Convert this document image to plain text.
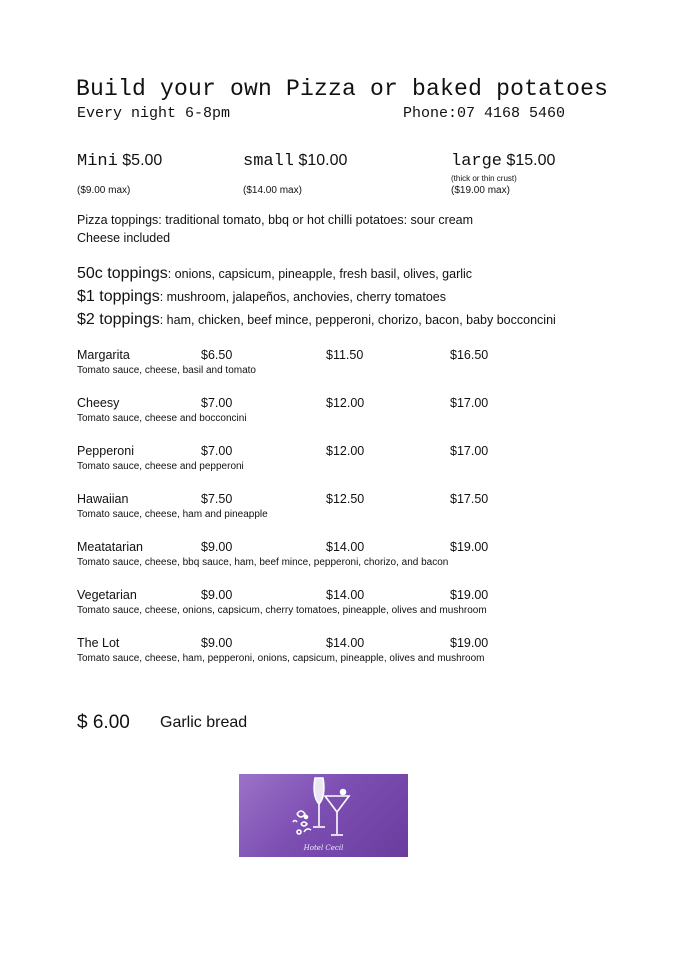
Build your own Pizza or baked potatoes
Every night 6-8pm	Phone:07 4168 5460
Mini $5.00
($9.00 max)
small $10.00
($14.00 max)
large $15.00
(thick or thin crust)
($19.00 max)
Pizza toppings: traditional tomato, bbq or hot chilli potatoes: sour cream
Cheese included
50c toppings: onions, capsicum, pineapple, fresh basil, olives, garlic
$1 toppings: mushroom, jalapeños, anchovies, cherry tomatoes
$2 toppings: ham, chicken, beef mince, pepperoni, chorizo, bacon, baby bocconcini
Margarita	$6.50	$11.50	$16.50
Tomato sauce, cheese, basil and tomato
Cheesy	$7.00	$12.00	$17.00
Tomato sauce, cheese and bocconcini
Pepperoni	$7.00	$12.00	$17.00
Tomato sauce, cheese and pepperoni
Hawaiian	$7.50	$12.50	$17.50
Tomato sauce, cheese, ham and pineapple
Meatatarian	$9.00	$14.00	$19.00
Tomato sauce, cheese, bbq sauce, ham, beef mince, pepperoni, chorizo, and bacon
Vegetarian	$9.00	$14.00	$19.00
Tomato sauce, cheese, onions, capsicum, cherry tomatoes, pineapple, olives and mushroom
The Lot	$9.00	$14.00	$19.00
Tomato sauce, cheese, ham, pepperoni, onions, capsicum, pineapple, olives and mushroom
$ 6.00 Garlic bread
Hotel Cecil
